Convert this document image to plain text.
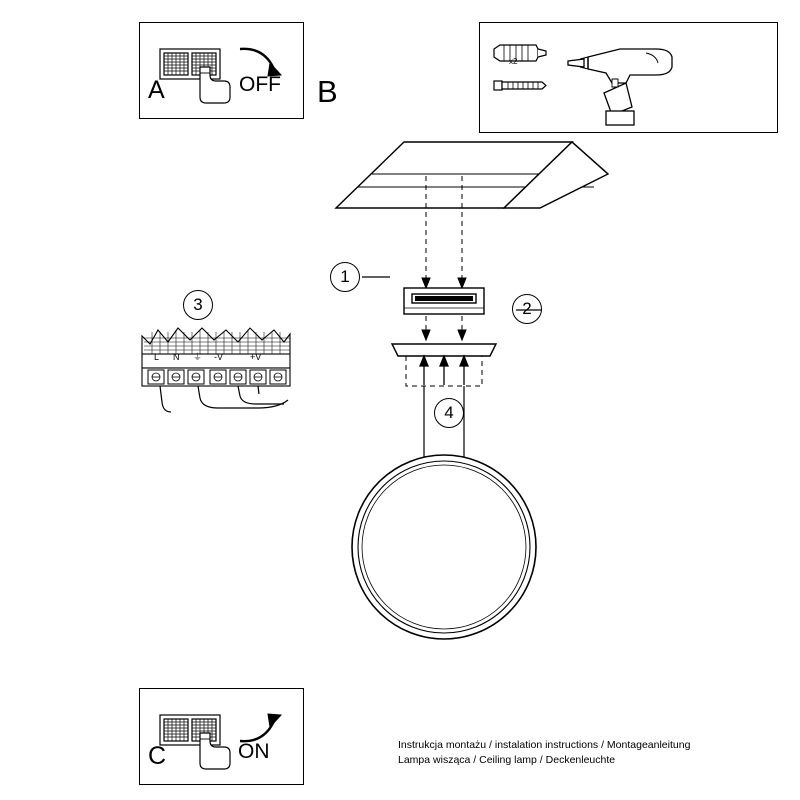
A	OFF
x2
B
1
2
4
L N ⏚ -V	+V
3
C	ON	Instrukcja montażu / instalation instructions / Montageanleitung
Lampa wisząca / Ceiling lamp / Deckenleuchte
